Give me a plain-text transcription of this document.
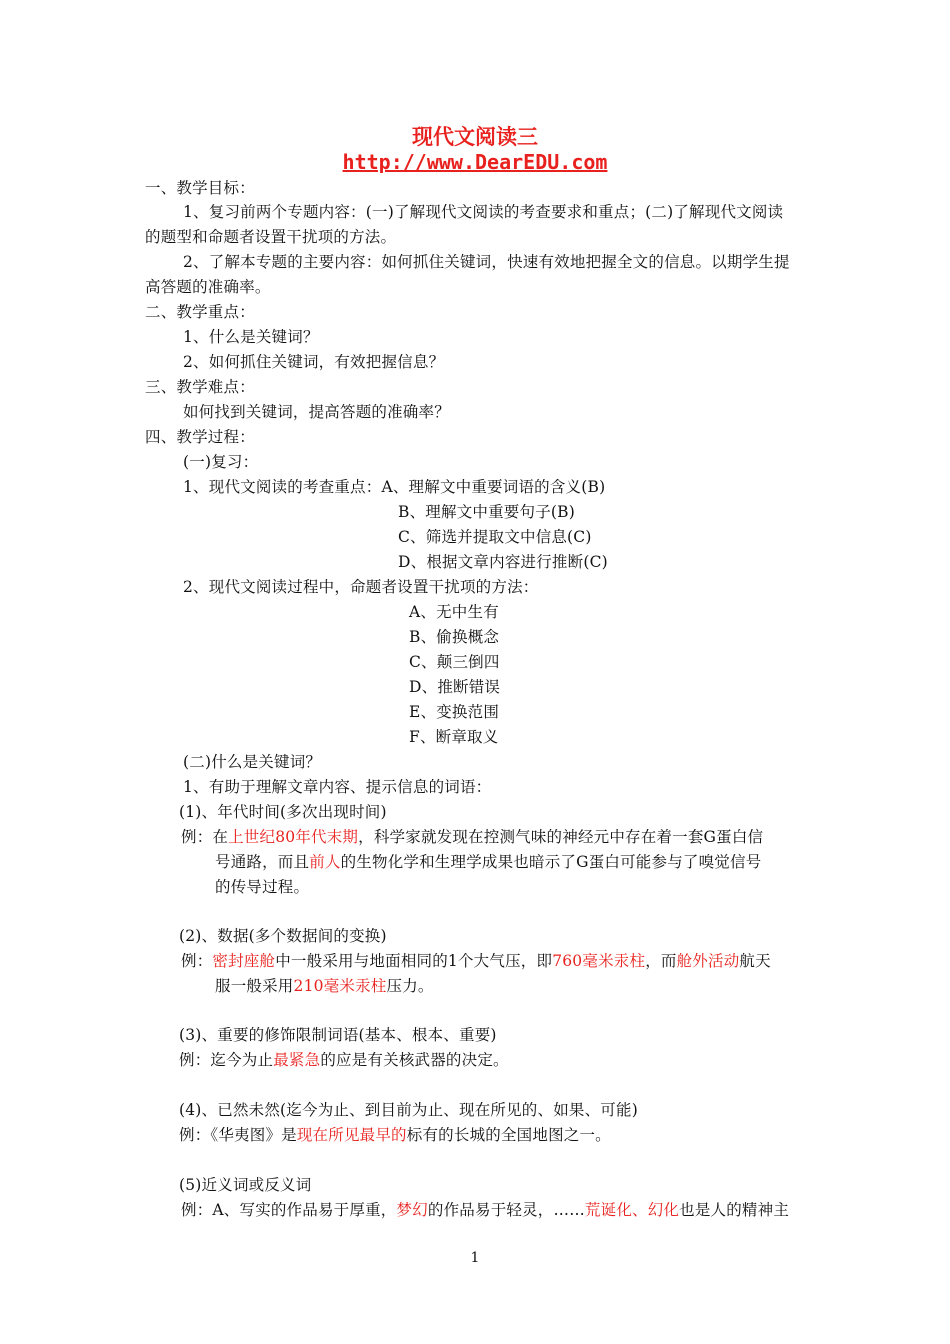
现代文阅读三
http://www.DearEDU.com
一、教学目标：
1、复习前两个专题内容：(一)了解现代文阅读的考查要求和重点；(二)了解现代文阅读
的题型和命题者设置干扰项的方法。
2、了解本专题的主要内容：如何抓住关键词，快速有效地把握全文的信息。以期学生提
高答题的准确率。
二、教学重点：
1、什么是关键词？
2、如何抓住关键词，有效把握信息？
三、教学难点：
如何找到关键词，提高答题的准确率？
四、教学过程：
(一)复习：
1、现代文阅读的考查重点：A、理解文中重要词语的含义(B)
B、理解文中重要句子(B)
C、筛选并提取文中信息(C)
D、根据文章内容进行推断(C)
2、现代文阅读过程中，命题者设置干扰项的方法：
A、无中生有
B、偷换概念
C、颠三倒四
D、推断错误
E、变换范围
F、断章取义
(二)什么是关键词？
1、有助于理解文章内容、提示信息的词语：
(1)、年代时间(多次出现时间)
例：在上世纪80年代末期，科学家就发现在控测气味的神经元中存在着一套G蛋白信
号通路，而且前人的生物化学和生理学成果也暗示了G蛋白可能参与了嗅觉信号
的传导过程。
(2)、数据(多个数据间的变换)
例：密封座舱中一般采用与地面相同的1个大气压，即760毫米汞柱，而舱外活动航天
服一般采用210毫米汞柱压力。
(3)、重要的修饰限制词语(基本、根本、重要)
例：迄今为止最紧急的应是有关核武器的决定。
(4)、已然未然(迄今为止、到目前为止、现在所见的、如果、可能)
例：《华夷图》是现在所见最早的标有的长城的全国地图之一。
(5)近义词或反义词
例：A、写实的作品易于厚重，梦幻的作品易于轻灵，……荒诞化、幻化也是人的精神主
1
